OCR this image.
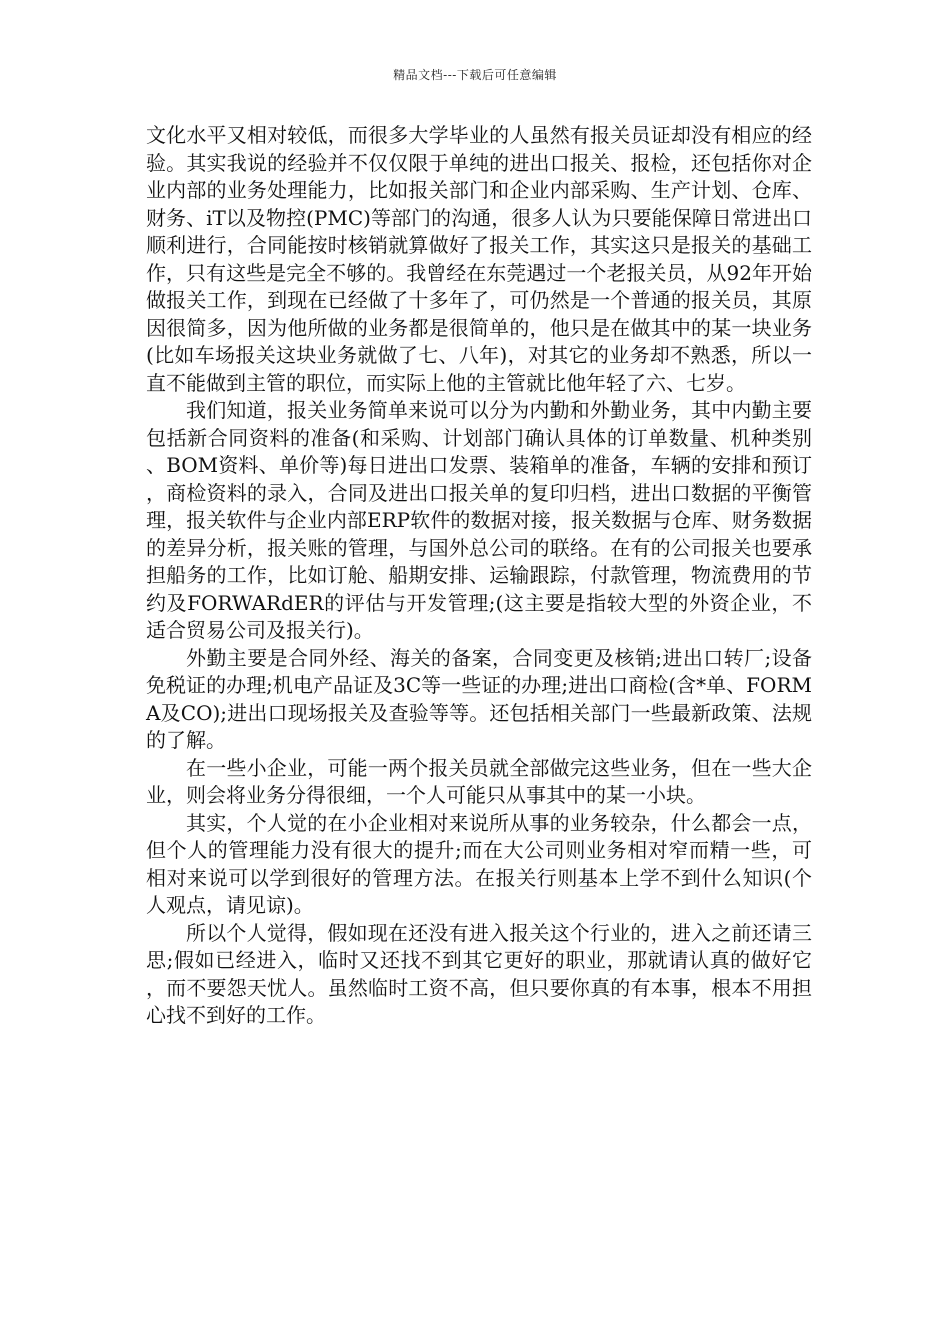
精品文档---下载后可任意编辑

文化水平又相对较低，而很多大学毕业的人虽然有报关员证却没有相应的经验。其实我说的经验并不仅仅限于单纯的进出口报关、报检，还包括你对企业内部的业务处理能力，比如报关部门和企业内部采购、生产计划、仓库、财务、iT以及物控(PMC)等部门的沟通，很多人认为只要能保障日常进出口顺利进行，合同能按时核销就算做好了报关工作，其实这只是报关的基础工作，只有这些是完全不够的。我曾经在东莞遇过一个老报关员，从92年开始做报关工作，到现在已经做了十多年了，可仍然是一个普通的报关员，其原因很简多，因为他所做的业务都是很简单的，他只是在做其中的某一块业务(比如车场报关这块业务就做了七、八年)，对其它的业务却不熟悉，所以一直不能做到主管的职位，而实际上他的主管就比他年轻了六、七岁。

我们知道，报关业务简单来说可以分为内勤和外勤业务，其中内勤主要包括新合同资料的准备(和采购、计划部门确认具体的订单数量、机种类别、BOM资料、单价等)每日进出口发票、装箱单的准备，车辆的安排和预订，商检资料的录入，合同及进出口报关单的复印归档，进出口数据的平衡管理，报关软件与企业内部ERP软件的数据对接，报关数据与仓库、财务数据的差异分析，报关账的管理，与国外总公司的联络。在有的公司报关也要承担船务的工作，比如订舱、船期安排、运输跟踪，付款管理，物流费用的节约及FORWARdER的评估与开发管理;(这主要是指较大型的外资企业，不适合贸易公司及报关行)。

外勤主要是合同外经、海关的备案，合同变更及核销;进出口转厂;设备免税证的办理;机电产品证及3C等一些证的办理;进出口商检(含*单、FORMA及CO);进出口现场报关及查验等等。还包括相关部门一些最新政策、法规的了解。

在一些小企业，可能一两个报关员就全部做完这些业务，但在一些大企业，则会将业务分得很细，一个人可能只从事其中的某一小块。

其实，个人觉的在小企业相对来说所从事的业务较杂，什么都会一点，但个人的管理能力没有很大的提升;而在大公司则业务相对窄而精一些，可相对来说可以学到很好的管理方法。在报关行则基本上学不到什么知识(个人观点，请见谅)。

所以个人觉得，假如现在还没有进入报关这个行业的，进入之前还请三思;假如已经进入，临时又还找不到其它更好的职业，那就请认真的做好它，而不要怨天忧人。虽然临时工资不高，但只要你真的有本事，根本不用担心找不到好的工作。
